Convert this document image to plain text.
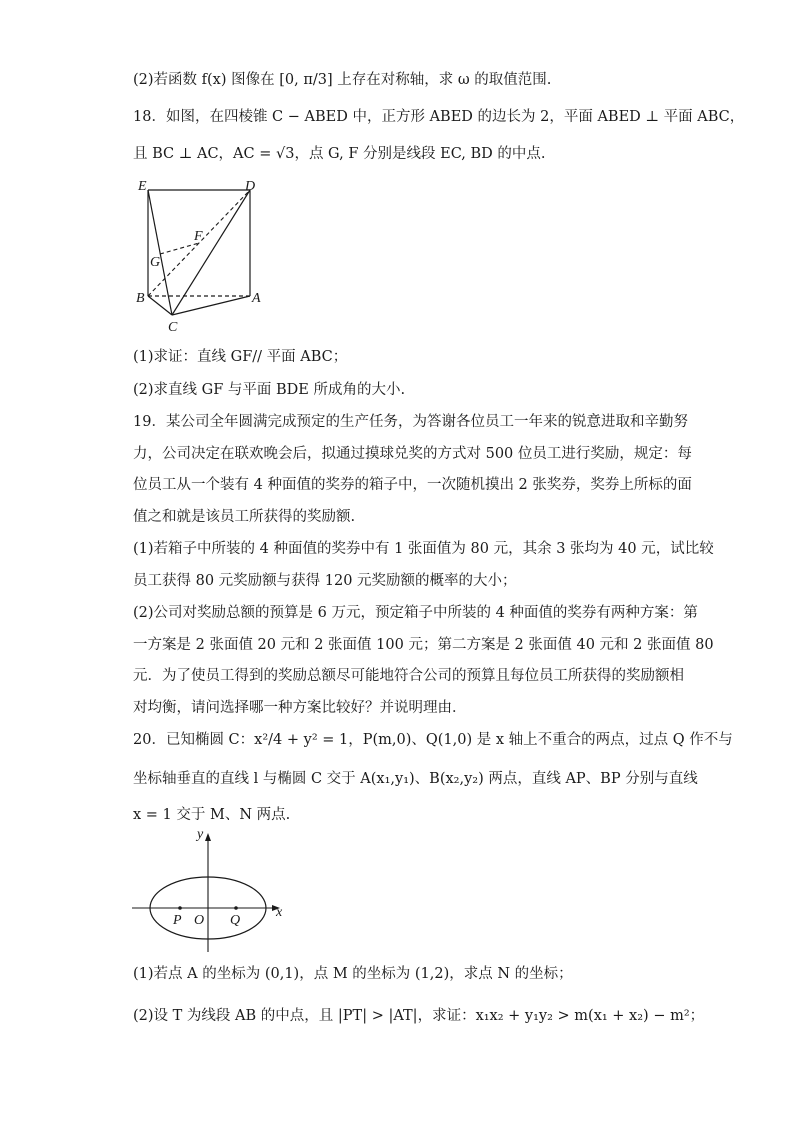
(2)若函数 f(x) 图像在 [0, π/3] 上存在对称轴，求 ω 的取值范围.
18．如图，在四棱锥 C − ABED 中，正方形 ABED 的边长为 2，平面 ABED ⊥ 平面 ABC，
且 BC ⊥ AC，AC = √3，点 G, F 分别是线段 EC, BD 的中点.
E	D
F
G
B	A
C
(1)求证：直线 GF// 平面 ABC；
(2)求直线 GF 与平面 BDE 所成角的大小.
19．某公司全年圆满完成预定的生产任务，为答谢各位员工一年来的锐意进取和辛勤努
力，公司决定在联欢晚会后，拟通过摸球兑奖的方式对 500 位员工进行奖励，规定：每
位员工从一个装有 4 种面值的奖券的箱子中，一次随机摸出 2 张奖券，奖券上所标的面
值之和就是该员工所获得的奖励额.
(1)若箱子中所装的 4 种面值的奖券中有 1 张面值为 80 元，其余 3 张均为 40 元，试比较
员工获得 80 元奖励额与获得 120 元奖励额的概率的大小；
(2)公司对奖励总额的预算是 6 万元，预定箱子中所装的 4 种面值的奖券有两种方案：第
一方案是 2 张面值 20 元和 2 张面值 100 元；第二方案是 2 张面值 40 元和 2 张面值 80
元．为了使员工得到的奖励总额尽可能地符合公司的预算且每位员工所获得的奖励额相
对均衡，请问选择哪一种方案比较好？并说明理由．
20．已知椭圆 C：x²/4 + y² = 1，P(m,0)、Q(1,0) 是 x 轴上不重合的两点，过点 Q 作不与
坐标轴垂直的直线 l 与椭圆 C 交于 A(x₁,y₁)、B(x₂,y₂) 两点，直线 AP、BP 分别与直线
x = 1 交于 M、N 两点.
y
x
P O Q
(1)若点 A 的坐标为 (0,1)，点 M 的坐标为 (1,2)，求点 N 的坐标；
(2)设 T 为线段 AB 的中点，且 |PT| > |AT|，求证：x₁x₂ + y₁y₂ > m(x₁ + x₂) − m²；
